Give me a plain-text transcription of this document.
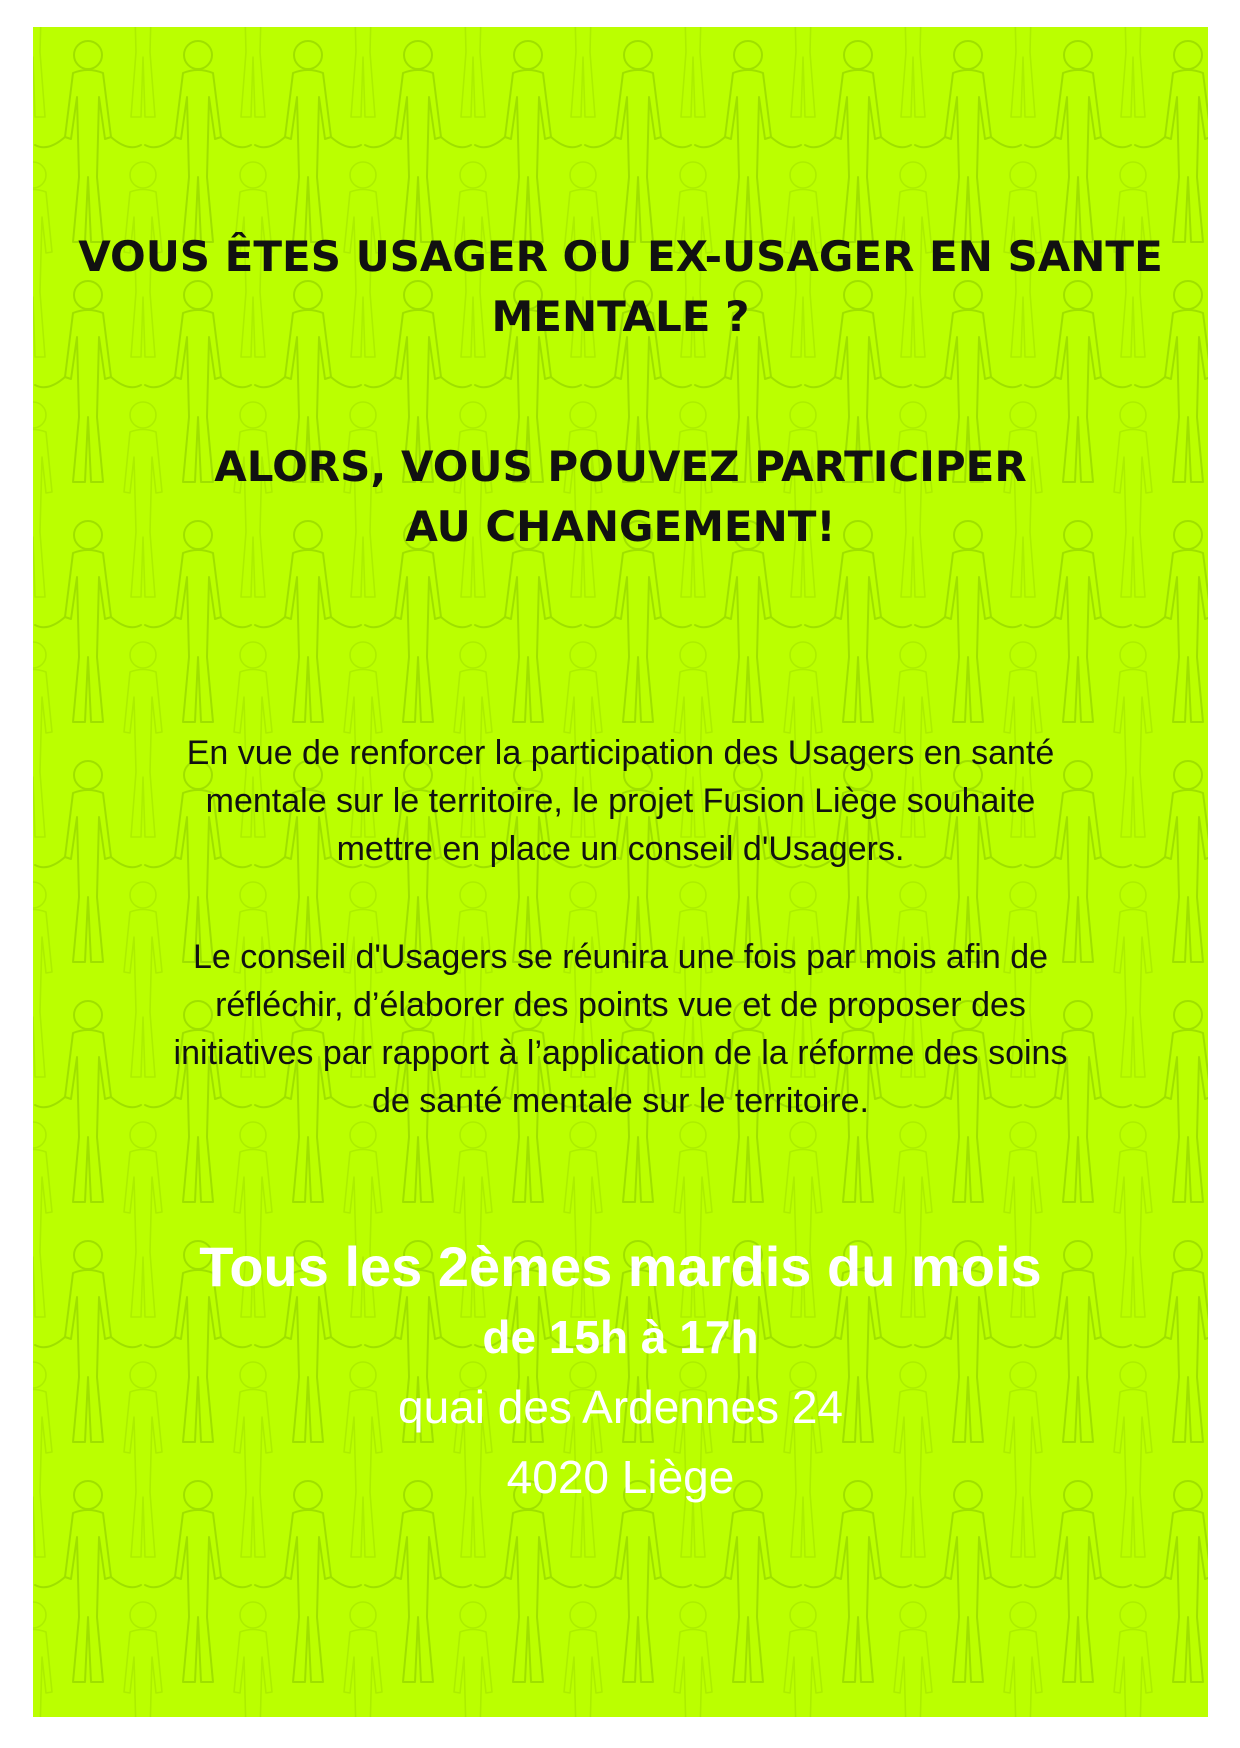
VOUS ÊTES USAGER OU EX-USAGER EN SANTE
MENTALE ?
ALORS, VOUS POUVEZ PARTICIPER
AU CHANGEMENT!

En vue de renforcer la participation des Usagers en santé
mentale sur le territoire, le projet Fusion Liège souhaite
mettre en place un conseil d'Usagers.

Le conseil d'Usagers se réunira une fois par mois afin de
réfléchir, d’élaborer des points vue et de proposer des
initiatives par rapport à l’application de la réforme des soins
de santé mentale sur le territoire.

Tous les 2èmes mardis du mois

de 15h à 17h

quai des Ardennes 24

4020 Liège
